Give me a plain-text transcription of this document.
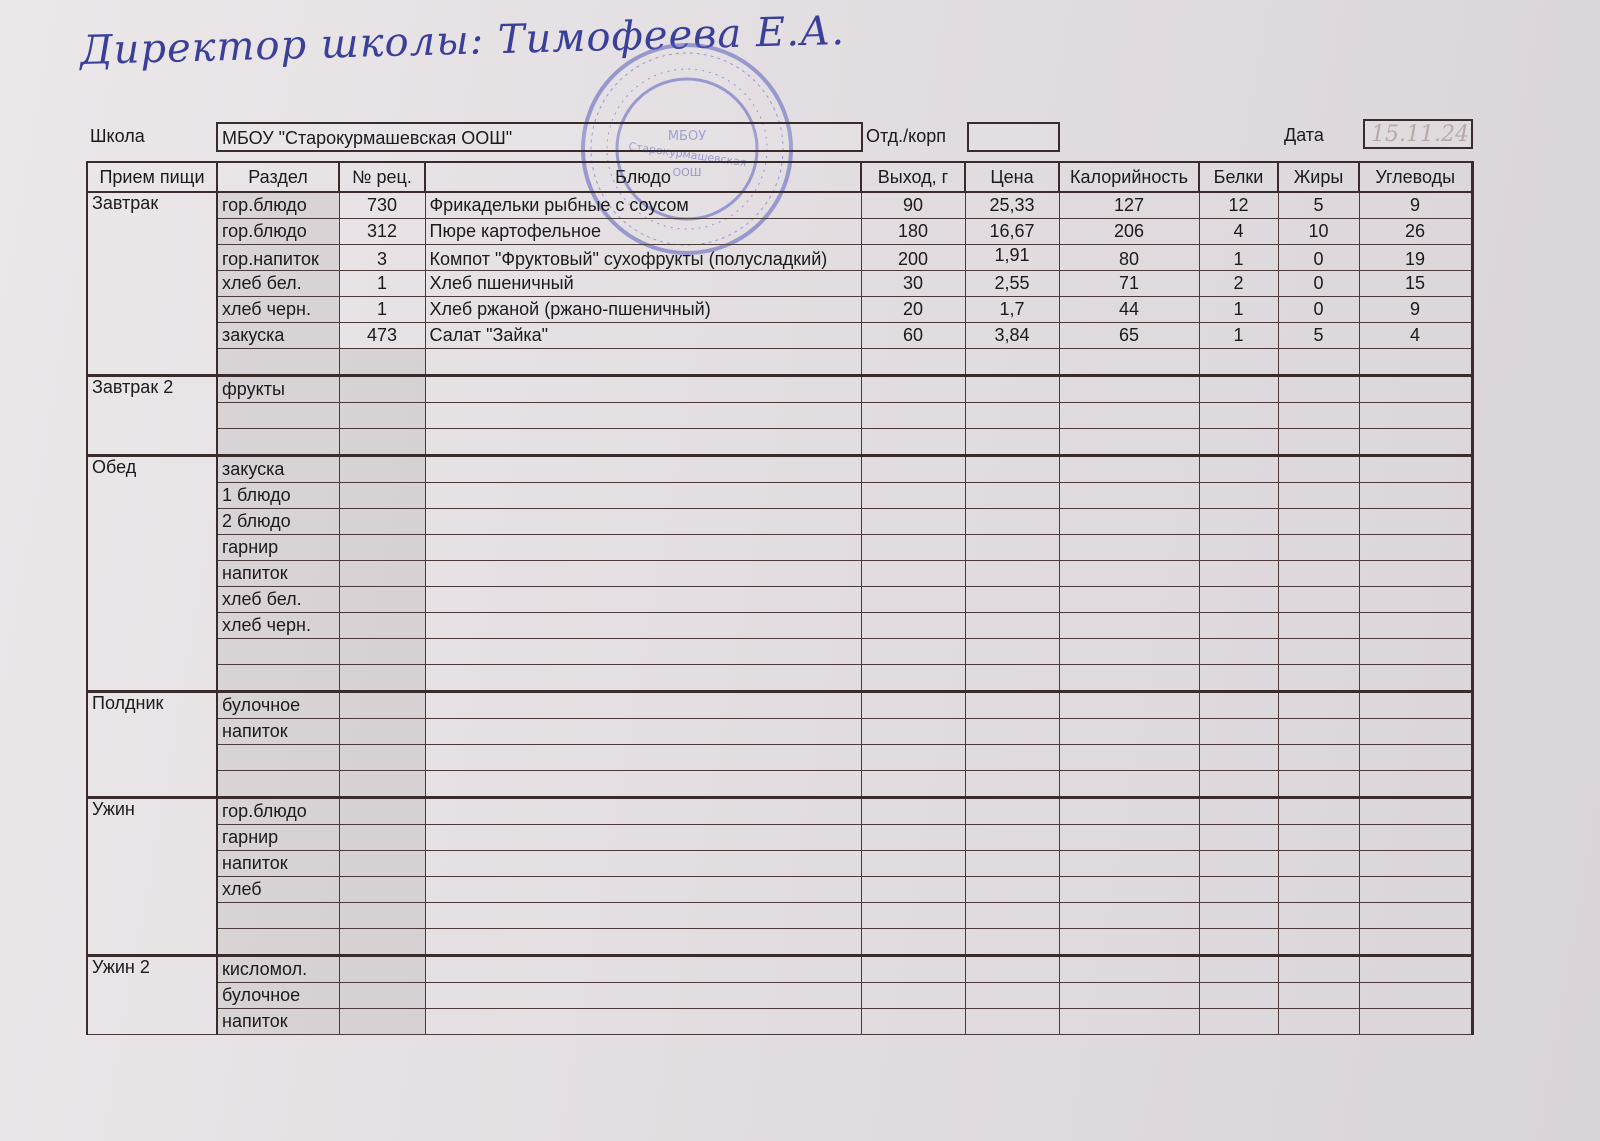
Директор школы: Тимофеева Е.А.
МБОУ
Старокурмашевская
ООШ
Школа	МБОУ "Старокурмашевская ООШ"	Отд./корп	Дата	15.11.24
Прием пищи	Раздел	№ рец.	Блюдо	Выход, г	Цена	Калорийность	Белки	Жиры	Углеводы
Завтрак	гор.блюдо	730	Фрикадельки рыбные с соусом	90	25,33	127	12	5	9
	гор.блюдо	312	Пюре картофельное	180	16,67	206	4	10	26
	гор.напиток	3	Компот "Фруктовый" сухофрукты (полусладкий)	200	1,91	80	1	0	19
	хлеб бел.	1	Хлеб пшеничный	30	2,55	71	2	0	15
	хлеб черн.	1	Хлеб ржаной (ржано-пшеничный)	20	1,7	44	1	0	9
	закуска	473	Салат "Зайка"	60	3,84	65	1	5	4

Завтрак 2	фрукты								

Обед	закуска								
	1 блюдо								
	2 блюдо								
	гарнир								
	напиток								
	хлеб бел.								
	хлеб черн.								

Полдник	булочное								
	напиток								

Ужин	гор.блюдо								
	гарнир								
	напиток								
	хлеб								

Ужин 2	кисломол.								
	булочное								
	напиток								
